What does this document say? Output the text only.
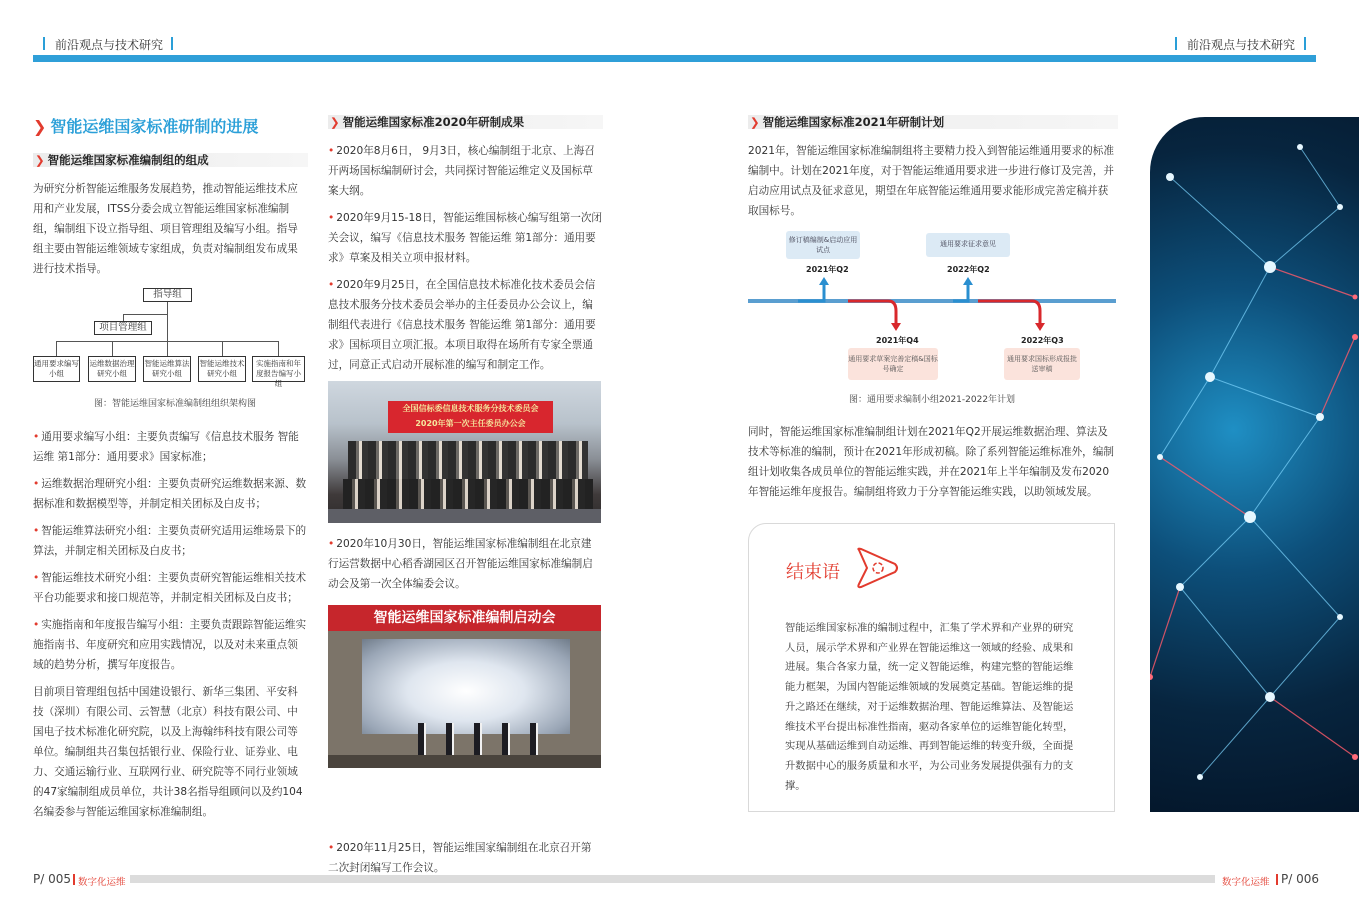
前沿观点与技术研究	前沿观点与技术研究
❯ 智能运维国家标准研制的进展
❯ 智能运维国家标准编制组的组成

为研究分析智能运维服务发展趋势，推动智能运维技术应用和产业发展，ITSS分委会成立智能运维国家标准编制组，编制组下设立指导组、项目管理组及编写小组。指导组主要由智能运维领域专家组成，负责对编制组发布成果进行技术指导。

指导组
项目管理组
通用要求编写小组
运维数据治理研究小组
智能运维算法研究小组
智能运维技术研究小组
实施指南和年度报告编写小组
图：智能运维国家标准编制组组织架构图

• 通用要求编写小组：主要负责编写《信息技术服务 智能运维 第1部分：通用要求》国家标准；

• 运维数据治理研究小组：主要负责研究运维数据来源、数据标准和数据模型等，并制定相关团标及白皮书；

• 智能运维算法研究小组：主要负责研究适用运维场景下的算法，并制定相关团标及白皮书；

• 智能运维技术研究小组：主要负责研究智能运维相关技术平台功能要求和接口规范等，并制定相关团标及白皮书；

• 实施指南和年度报告编写小组：主要负责跟踪智能运维实施指南书、年度研究和应用实践情况，以及对未来重点领域的趋势分析，撰写年度报告。

目前项目管理组包括中国建设银行、新华三集团、平安科技（深圳）有限公司、云智慧（北京）科技有限公司、中国电子技术标准化研究院，以及上海翰纬科技有限公司等单位。编制组共召集包括银行业、保险行业、证券业、电力、交通运输行业、互联网行业、研究院等不同行业领域的47家编制组成员单位，共计38名指导组顾问以及约104名编委参与智能运维国家标准编制组。

❯ 智能运维国家标准2020年研制成果

• 2020年8月6日， 9月3日，核心编制组于北京、上海召开两场国标编制研讨会，共同探讨智能运维定义及国标草案大纲。

• 2020年9月15-18日，智能运维国标核心编写组第一次闭关会议，编写《信息技术服务 智能运维 第1部分：通用要求》草案及相关立项申报材料。

• 2020年9月25日，在全国信息技术标准化技术委员会信息技术服务分技术委员会举办的主任委员办公会议上，编制组代表进行《信息技术服务 智能运维 第1部分：通用要求》国标项目立项汇报。本项目取得在场所有专家全票通过，同意正式启动开展标准的编写和制定工作。

全国信标委信息技术服务分技术委员会
2020年第一次主任委员办公会

• 2020年10月30日，智能运维国家标准编制组在北京建行运营数据中心稻香湖园区召开智能运维国家标准编制启动会及第一次全体编委会议。

智能运维国家标准编制启动会

• 2020年11月25日，智能运维国家编制组在北京召开第二次封闭编写工作会议。

❯ 智能运维国家标准2021年研制计划

2021年，智能运维国家标准编制组将主要精力投入到智能运维通用要求的标准编制中。计划在2021年度，对于智能运维通用要求进一步进行修订及完善，并启动应用试点及征求意见，期望在年底智能运维通用要求能形成完善定稿并获取国标号。

修订稿编制&启动应用试点
2021年Q2
通用要求征求意见
2022年Q2
2021年Q4
通用要求草案完善定稿&国标号确定
2022年Q3
通用要求国标形成报批送审稿
图：通用要求编制小组2021-2022年计划

同时，智能运维国家标准编制组计划在2021年Q2开展运维数据治理、算法及技术等标准的编制，预计在2021年形成初稿。除了系列智能运维标准外，编制组计划收集各成员单位的智能运维实践，并在2021年上半年编制及发布2020年智能运维年度报告。编制组将致力于分享智能运维实践，以助领域发展。

结束语

智能运维国家标准的编制过程中，汇集了学术界和产业界的研究人员，展示学术界和产业界在智能运维这一领域的经验、成果和进展。集合各家力量，统一定义智能运维，构建完整的智能运维能力框架，为国内智能运维领域的发展奠定基础。智能运维的提升之路还在继续，对于运维数据治理、智能运维算法、及智能运维技术平台提出标准性指南，驱动各家单位的运维智能化转型，实现从基础运维到自动运维、再到智能运维的转变升级，全面提升数据中心的服务质量和水平，为公司业务发展提供强有力的支撑。

P/ 005 数字化运维	数字化运维 P/ 006
